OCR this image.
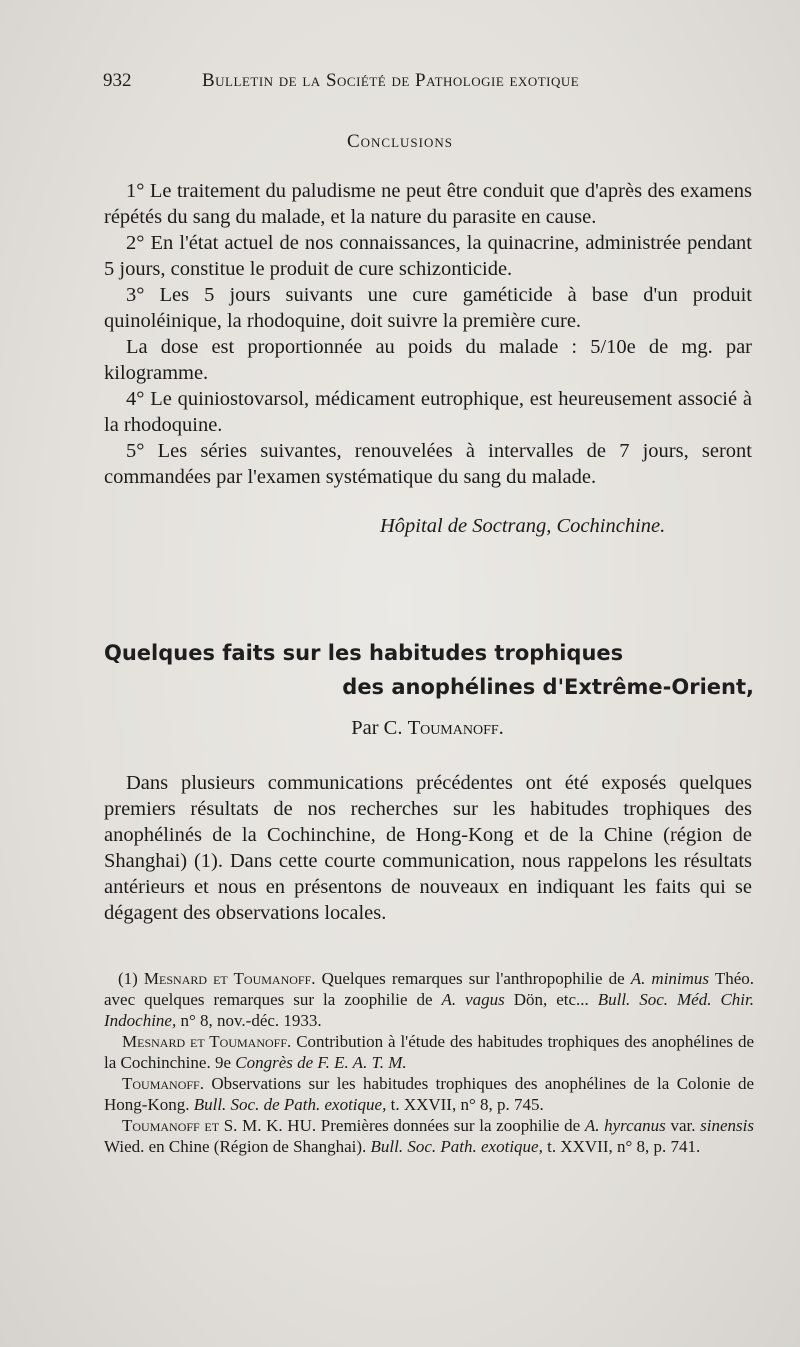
932	Bulletin de la Société de Pathologie exotique
Conclusions

1° Le traitement du paludisme ne peut être conduit que d'après des examens répétés du sang du malade, et la nature du parasite en cause.

2° En l'état actuel de nos connaissances, la quinacrine, administrée pendant 5 jours, constitue le produit de cure schizonticide.

3° Les 5 jours suivants une cure gaméticide à base d'un produit quinoléinique, la rhodoquine, doit suivre la première cure.

La dose est proportionnée au poids du malade : 5/10e de mg. par kilogramme.

4° Le quiniostovarsol, médicament eutrophique, est heureusement associé à la rhodoquine.

5° Les séries suivantes, renouvelées à intervalles de 7 jours, seront commandées par l'examen systématique du sang du malade.

Hôpital de Soctrang, Cochinchine.
Quelques faits sur les habitudes trophiques
des anophélines d'Extrême-Orient,
Par C. Toumanoff.

Dans plusieurs communications précédentes ont été exposés quelques premiers résultats de nos recherches sur les habitudes trophiques des anophélinés de la Cochinchine, de Hong-Kong et de la Chine (région de Shanghai) (1). Dans cette courte communication, nous rappelons les résultats antérieurs et nous en présentons de nouveaux en indiquant les faits qui se dégagent des observations locales.

(1) Mesnard et Toumanoff. Quelques remarques sur l'anthropophilie de A. minimus Théo. avec quelques remarques sur la zoophilie de A. vagus Dön, etc... Bull. Soc. Méd. Chir. Indochine, n° 8, nov.-déc. 1933.

Mesnard et Toumanoff. Contribution à l'étude des habitudes trophiques des anophélines de la Cochinchine. 9e Congrès de F. E. A. T. M.

Toumanoff. Observations sur les habitudes trophiques des anophélines de la Colonie de Hong-Kong. Bull. Soc. de Path. exotique, t. XXVII, n° 8, p. 745.

Toumanoff et S. M. K. HU. Premières données sur la zoophilie de A. hyrcanus var. sinensis Wied. en Chine (Région de Shanghai). Bull. Soc. Path. exotique, t. XXVII, n° 8, p. 741.
